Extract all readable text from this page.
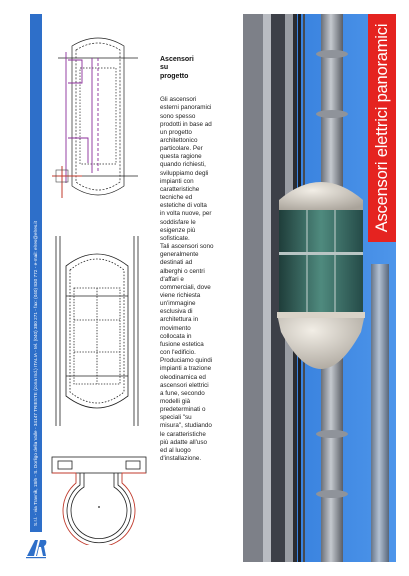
S.r.l. - via Travnik, 18/6 - S. Dorligo della Valle - 34147 TRIESTE (zona Ind.) ITALIA - tel. (040) 380 271 - fax: (040) 830 772 - e-mail: elres@elres.it
Ascensori
su
progetto
Gli ascensori
esterni panoramici
sono spesso
prodotti in base ad
un progetto
architettonico
particolare. Per
questa ragione
quando richiesti,
sviluppiamo degli
impianti con
caratteristiche
tecniche ed
estetiche di volta
in volta nuove, per
soddisfare le
esigenze più
sofisticate.
Tali ascensori sono
generalmente
destinati ad
alberghi o centri
d'affari e
commerciali, dove
viene richiesta
un'immagine
esclusiva di
architettura in
movimento
collocata in
fusione estetica
con l'edificio.
Produciamo quindi
impianti a trazione
oleodinamica ed
ascensori elettrici
a fune, secondo
modelli già
predeterminati o
speciali "su
misura", studiando
le caratteristiche
più adatte all'uso
ed al luogo
d'installazione.
Ascensori elettrici panoramici
